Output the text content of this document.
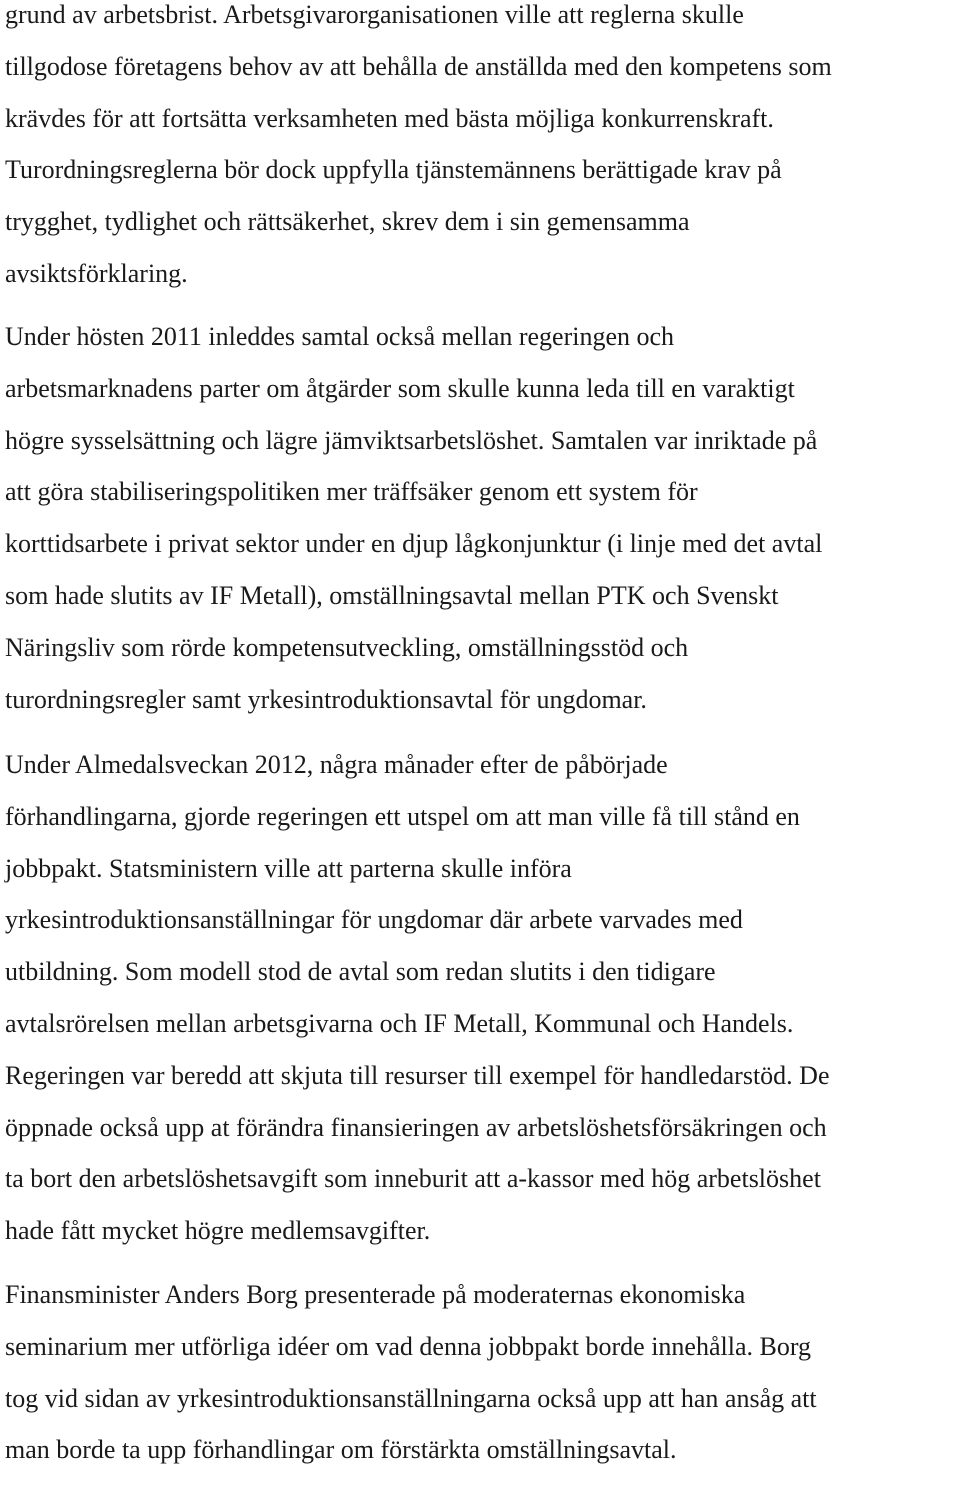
grund av arbetsbrist. Arbetsgivarorganisationen ville att reglerna skulle
tillgodose företagens behov av att behålla de anställda med den kompetens som
krävdes för att fortsätta verksamheten med bästa möjliga konkurrenskraft.
Turordningsreglerna bör dock uppfylla tjänstemännens berättigade krav på
trygghet, tydlighet och rättsäkerhet, skrev dem i sin gemensamma
avsiktsförklaring.
Under hösten 2011 inleddes samtal också mellan regeringen och
arbetsmarknadens parter om åtgärder som skulle kunna leda till en varaktigt
högre sysselsättning och lägre jämviktsarbetslöshet. Samtalen var inriktade på
att göra stabiliseringspolitiken mer träffsäker genom ett system för
korttidsarbete i privat sektor under en djup lågkonjunktur (i linje med det avtal
som hade slutits av IF Metall), omställningsavtal mellan PTK och Svenskt
Näringsliv som rörde kompetensutveckling, omställningsstöd och
turordningsregler samt yrkesintroduktionsavtal för ungdomar.
Under Almedalsveckan 2012, några månader efter de påbörjade
förhandlingarna, gjorde regeringen ett utspel om att man ville få till stånd en
jobbpakt. Statsministern ville att parterna skulle införa
yrkesintroduktionsanställningar för ungdomar där arbete varvades med
utbildning. Som modell stod de avtal som redan slutits i den tidigare
avtalsrörelsen mellan arbetsgivarna och IF Metall, Kommunal och Handels.
Regeringen var beredd att skjuta till resurser till exempel för handledarstöd. De
öppnade också upp at förändra finansieringen av arbetslöshetsförsäkringen och
ta bort den arbetslöshetsavgift som inneburit att a-kassor med hög arbetslöshet
hade fått mycket högre medlemsavgifter.
Finansminister Anders Borg presenterade på moderaternas ekonomiska
seminarium mer utförliga idéer om vad denna jobbpakt borde innehålla. Borg
tog vid sidan av yrkesintroduktionsanställningarna också upp att han ansåg att
man borde ta upp förhandlingar om förstärkta omställningsavtal.
